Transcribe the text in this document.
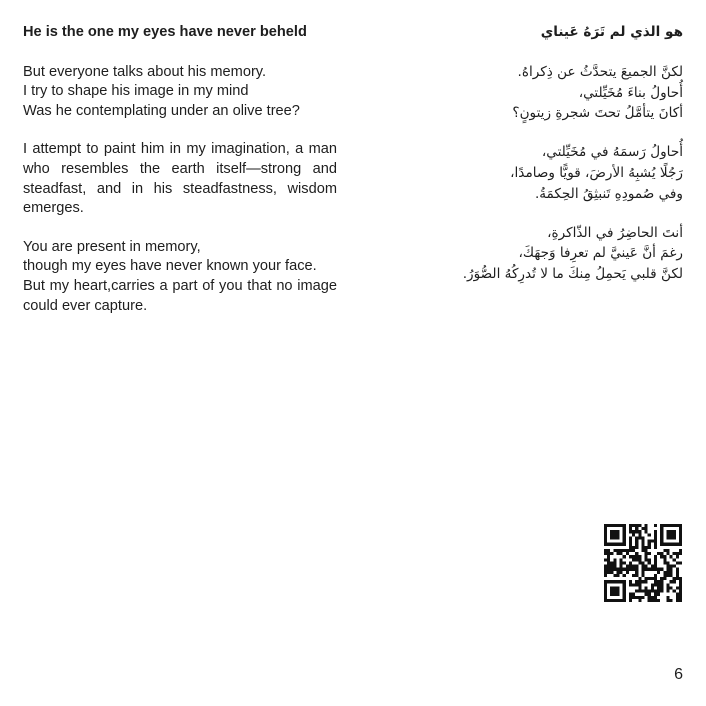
He is the one my eyes have never beheld
But everyone talks about his memory.
I try to shape his image in my mind
Was he contemplating under an olive tree?
I attempt to paint him in my imagination, a man who resembles the earth itself—strong and steadfast, and in his steadfastness, wisdom emerges.
You are present in memory,
though my eyes have never known your face.
But my heart,carries a part of you that no image could ever capture.
هو الذي لم تَرَهُ عَيناي
لكنَّ الجميعَ يتحدَّثُ عن ذِكراهُ.
أُحاولُ بناءَ مُخَيِّلتي،
أكانَ يتأمَّلُ تحتَ شجرةِ زيتونٍ؟
أُحاولُ رَسمَهُ في مُخَيِّلتي،
رَجُلًا يُشبِهُ الأرضَ، قويًّا وصامدًا،
وفي صُمودِهِ تَنبثِقُ الحِكمَةُ.
أنتَ الحاضِرُ في الذّاكرةِ،
رغمَ أنَّ عَينيَّ لم تعرِفا وَجهَكَ،
لكنَّ قلبي يَحمِلُ مِنكَ ما لا تُدرِكُهُ الصُّوَرُ.
6
